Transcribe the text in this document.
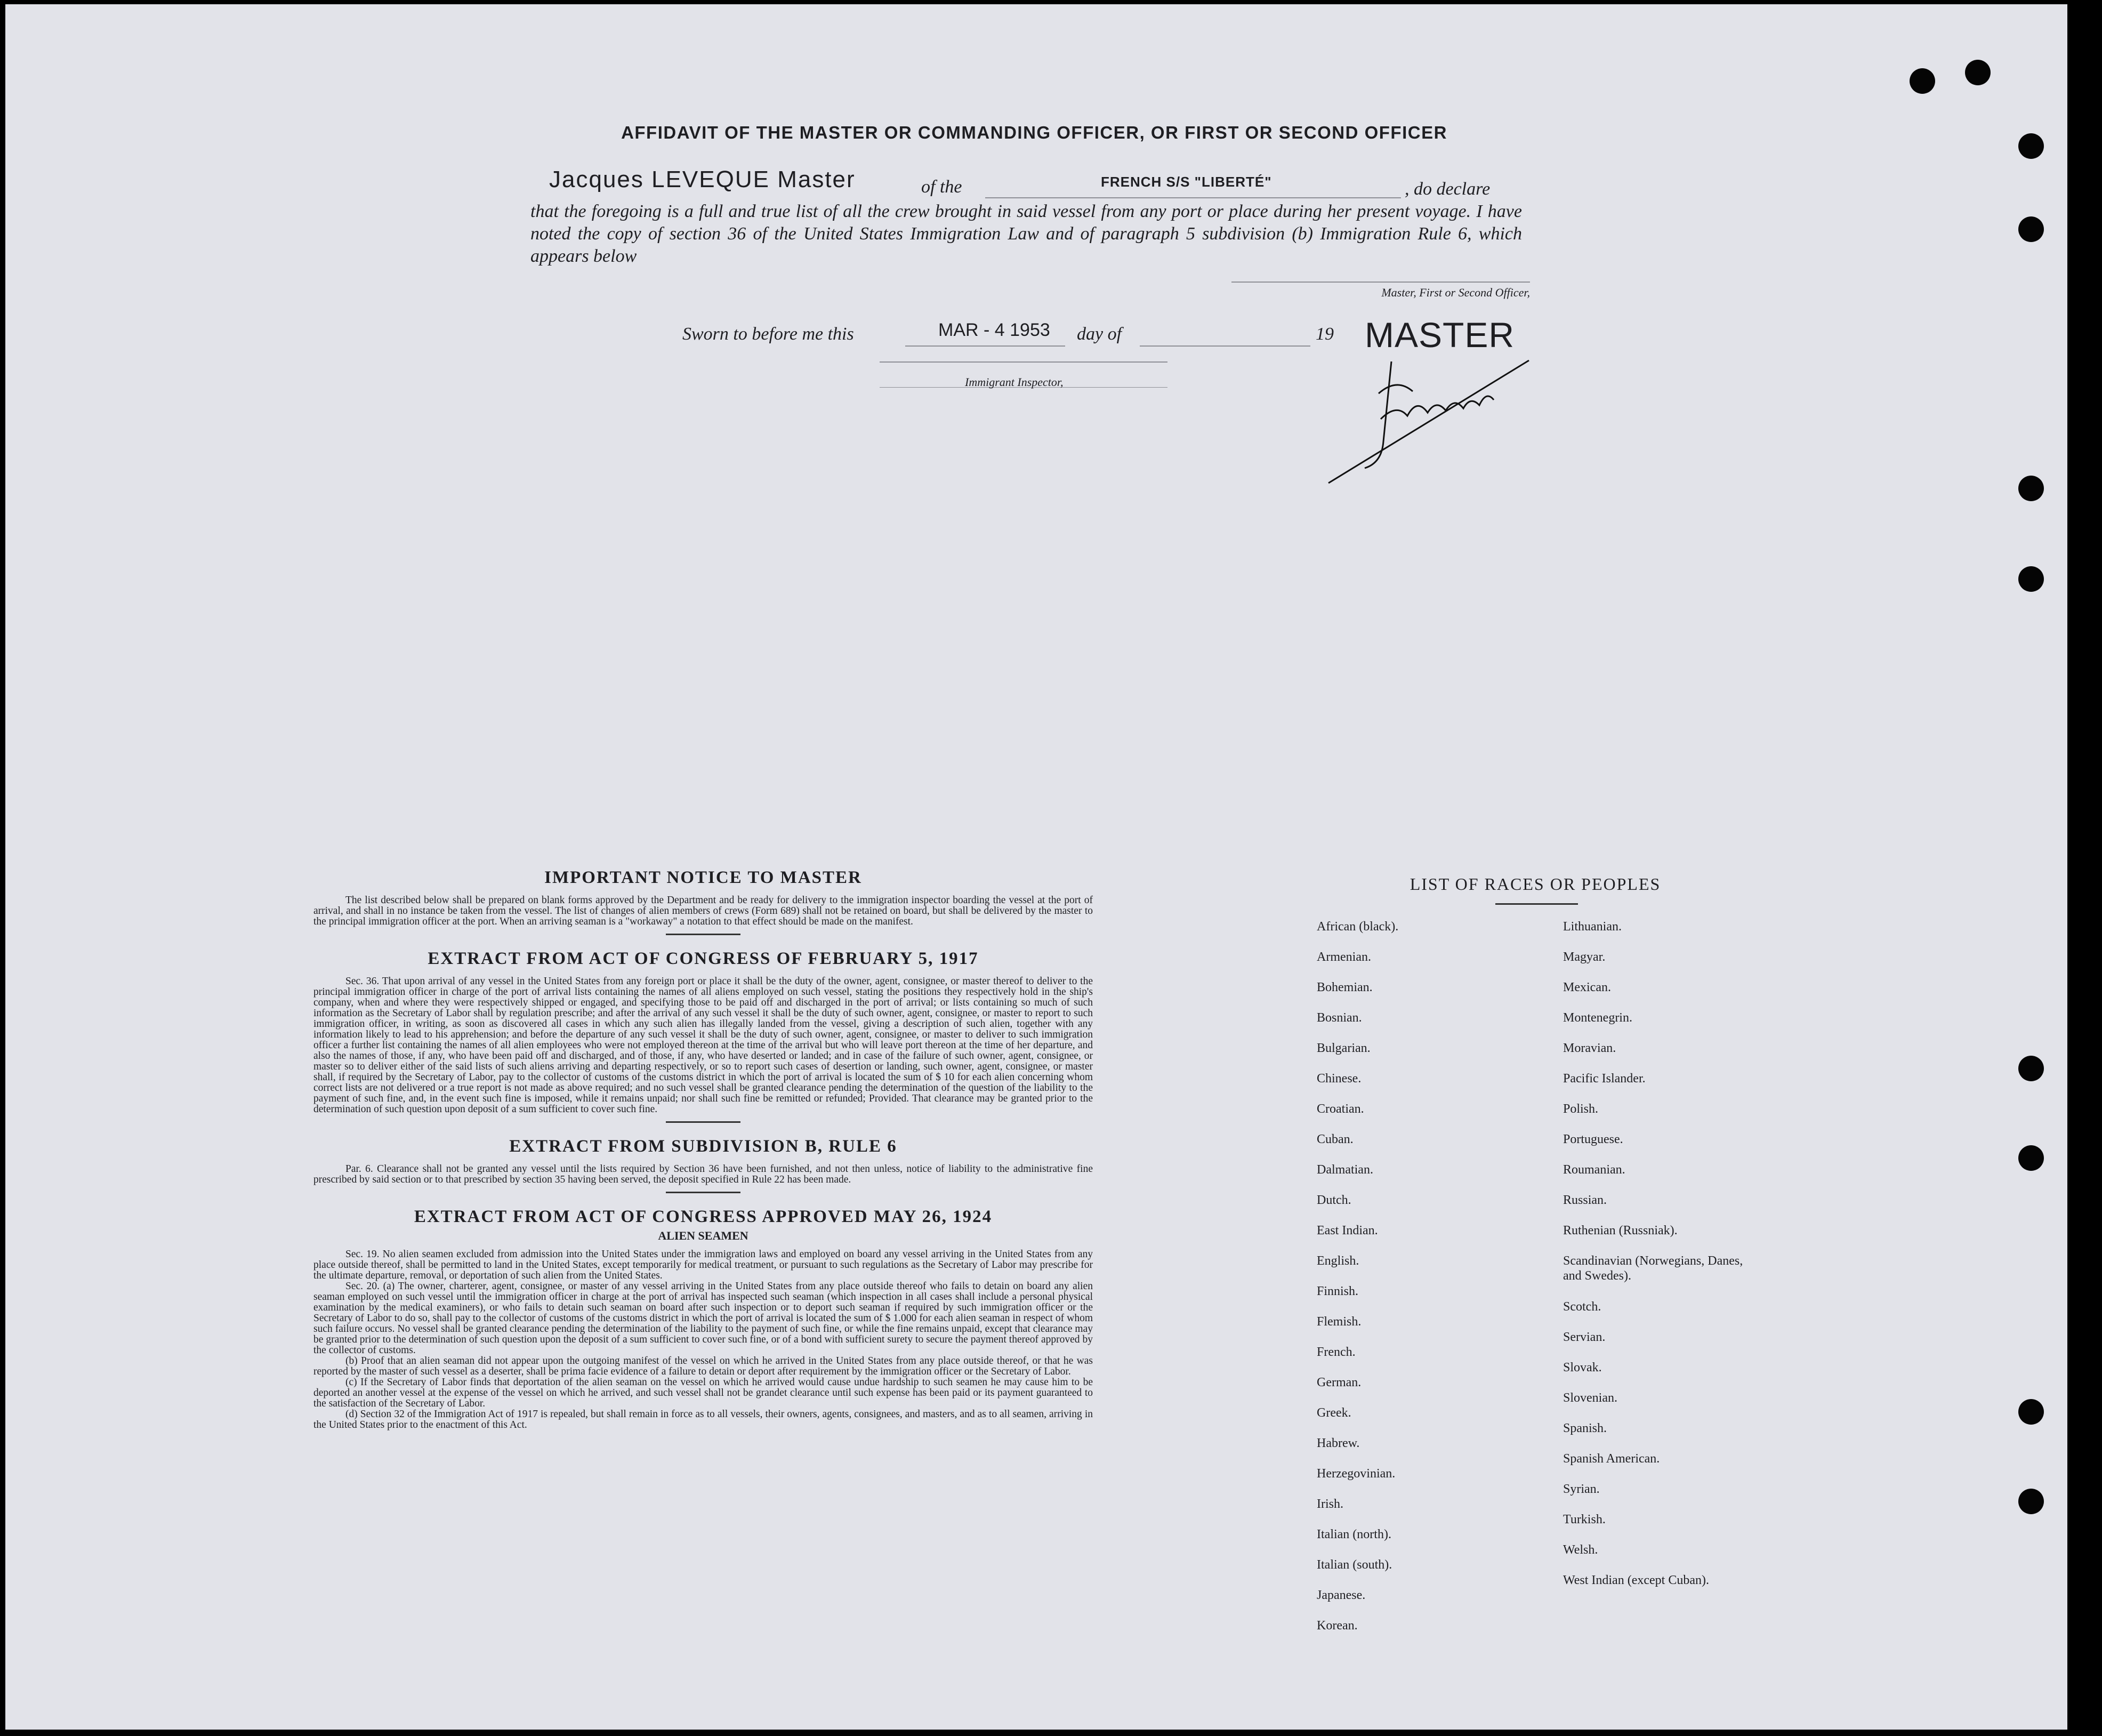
AFFIDAVIT OF THE MASTER OR COMMANDING OFFICER, OR FIRST OR SECOND OFFICER
Jacques LEVEQUE Master	of the	FRENCH S/S "LIBERTÉ"	, do declare
that the foregoing is a full and true list of all the crew brought in said vessel from any port or place during her present voyage. I have noted the copy of section 36 of the United States Immigration Law and of paragraph 5 subdivision (b) Immigration Rule 6, which appears below
Master, First or Second Officer,
Sworn to before me this	MAR - 4 1953 day of	19 MASTER
Immigrant Inspector,

IMPORTANT NOTICE TO MASTER

The list described below shall be prepared on blank forms approved by the Department and be ready for delivery to the immigration inspector boarding the vessel at the port of arrival, and shall in no instance be taken from the vessel. The list of changes of alien members of crews (Form 689) shall not be retained on board, but shall be delivered by the master to the principal immigration officer at the port. When an arriving seaman is a "workaway" a notation to that effect should be made on the manifest.

EXTRACT FROM ACT OF CONGRESS OF FEBRUARY 5, 1917

Sec. 36. That upon arrival of any vessel in the United States from any foreign port or place it shall be the duty of the owner, agent, consignee, or master thereof to deliver to the principal immigration officer in charge of the port of arrival lists containing the names of all aliens employed on such vessel, stating the positions they respectively hold in the ship's company, when and where they were respectively shipped or engaged, and specifying those to be paid off and discharged in the port of arrival; or lists containing so much of such information as the Secretary of Labor shall by regulation prescribe; and after the arrival of any such vessel it shall be the duty of such owner, agent, consignee, or master to report to such immigration officer, in writing, as soon as discovered all cases in which any such alien has illegally landed from the vessel, giving a description of such alien, together with any information likely to lead to his apprehension; and before the departure of any such vessel it shall be the duty of such owner, agent, consignee, or master to deliver to such immigration officer a further list containing the names of all alien employees who were not employed thereon at the time of the arrival but who will leave port thereon at the time of her departure, and also the names of those, if any, who have been paid off and discharged, and of those, if any, who have deserted or landed; and in case of the failure of such owner, agent, consignee, or master so to deliver either of the said lists of such aliens arriving and departing respectively, or so to report such cases of desertion or landing, such owner, agent, consignee, or master shall, if required by the Secretary of Labor, pay to the collector of customs of the customs district in which the port of arrival is located the sum of $ 10 for each alien concerning whom correct lists are not delivered or a true report is not made as above required; and no such vessel shall be granted clearance pending the determination of the question of the liability to the payment of such fine, and, in the event such fine is imposed, while it remains unpaid; nor shall such fine be remitted or refunded; Provided. That clearance may be granted prior to the determination of such question upon deposit of a sum sufficient to cover such fine.

EXTRACT FROM SUBDIVISION B, RULE 6

Par. 6. Clearance shall not be granted any vessel until the lists required by Section 36 have been furnished, and not then unless, notice of liability to the administrative fine prescribed by said section or to that prescribed by section 35 having been served, the deposit specified in Rule 22 has been made.

EXTRACT FROM ACT OF CONGRESS APPROVED MAY 26, 1924

ALIEN SEAMEN

Sec. 19. No alien seamen excluded from admission into the United States under the immigration laws and employed on board any vessel arriving in the United States from any place outside thereof, shall be permitted to land in the United States, except temporarily for medical treatment, or pursuant to such regulations as the Secretary of Labor may prescribe for the ultimate departure, removal, or deportation of such alien from the United States.

Sec. 20. (a) The owner, charterer, agent, consignee, or master of any vessel arriving in the United States from any place outside thereof who fails to detain on board any alien seaman employed on such vessel until the immigration officer in charge at the port of arrival has inspected such seaman (which inspection in all cases shall include a personal physical examination by the medical examiners), or who fails to detain such seaman on board after such inspection or to deport such seaman if required by such immigration officer or the Secretary of Labor to do so, shall pay to the collector of customs of the customs district in which the port of arrival is located the sum of $ 1.000 for each alien seaman in respect of whom such failure occurs. No vessel shall be granted clearance pending the determination of the liability to the payment of such fine, or while the fine remains unpaid, except that clearance may be granted prior to the determination of such question upon the deposit of a sum sufficient to cover such fine, or of a bond with sufficient surety to secure the payment thereof approved by the collector of customs.

(b) Proof that an alien seaman did not appear upon the outgoing manifest of the vessel on which he arrived in the United States from any place outside thereof, or that he was reported by the master of such vessel as a deserter, shall be prima facie evidence of a failure to detain or deport after requirement by the immigration officer or the Secretary of Labor.

(c) If the Secretary of Labor finds that deportation of the alien seaman on the vessel on which he arrived would cause undue hardship to such seamen he may cause him to be deported an another vessel at the expense of the vessel on which he arrived, and such vessel shall not be grandet clearance until such expense has been paid or its payment guaranteed to the satisfaction of the Secretary of Labor.

(d) Section 32 of the Immigration Act of 1917 is repealed, but shall remain in force as to all vessels, their owners, agents, consignees, and masters, and as to all seamen, arriving in the United States prior to the enactment of this Act.

LIST OF RACES OR PEOPLES
African (black).
Armenian.
Bohemian.
Bosnian.
Bulgarian.
Chinese.
Croatian.
Cuban.
Dalmatian.
Dutch.
East Indian.
English.
Finnish.
Flemish.
French.
German.
Greek.
Habrew.
Herzegovinian.
Irish.
Italian (north).
Italian (south).
Japanese.
Korean.
Lithuanian.
Magyar.
Mexican.
Montenegrin.
Moravian.
Pacific Islander.
Polish.
Portuguese.
Roumanian.
Russian.
Ruthenian (Russniak).
Scandinavian (Norwegians, Danes, and Swedes).
Scotch.
Servian.
Slovak.
Slovenian.
Spanish.
Spanish American.
Syrian.
Turkish.
Welsh.
West Indian (except Cuban).
